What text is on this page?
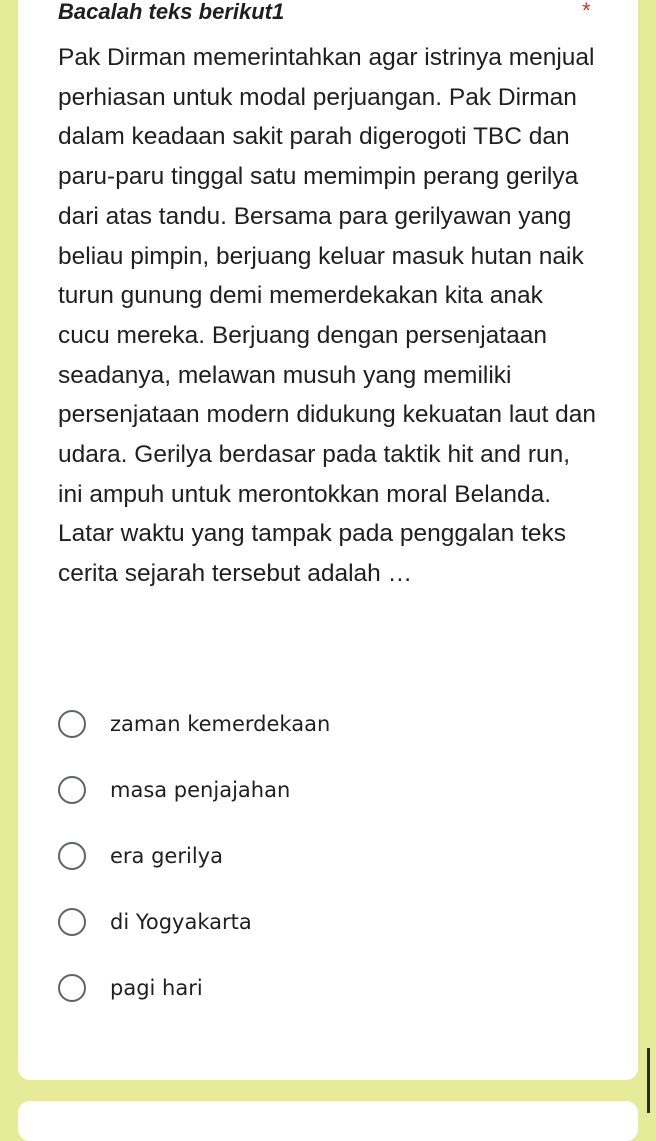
Bacalah teks berikut1	*

Pak Dirman memerintahkan agar istrinya menjual perhiasan untuk modal perjuangan. Pak Dirman dalam keadaan sakit parah digerogoti TBC dan paru-paru tinggal satu memimpin perang gerilya dari atas tandu. Bersama para gerilyawan yang beliau pimpin, berjuang keluar masuk hutan naik turun gunung demi memerdekakan kita anak cucu mereka. Berjuang dengan persenjataan seadanya, melawan musuh yang memiliki persenjataan modern didukung kekuatan laut dan udara. Gerilya berdasar pada taktik hit and run, ini ampuh untuk merontokkan moral Belanda. Latar waktu yang tampak pada penggalan teks cerita sejarah tersebut adalah …

zaman kemerdekaan
masa penjajahan
era gerilya
di Yogyakarta
pagi hari
